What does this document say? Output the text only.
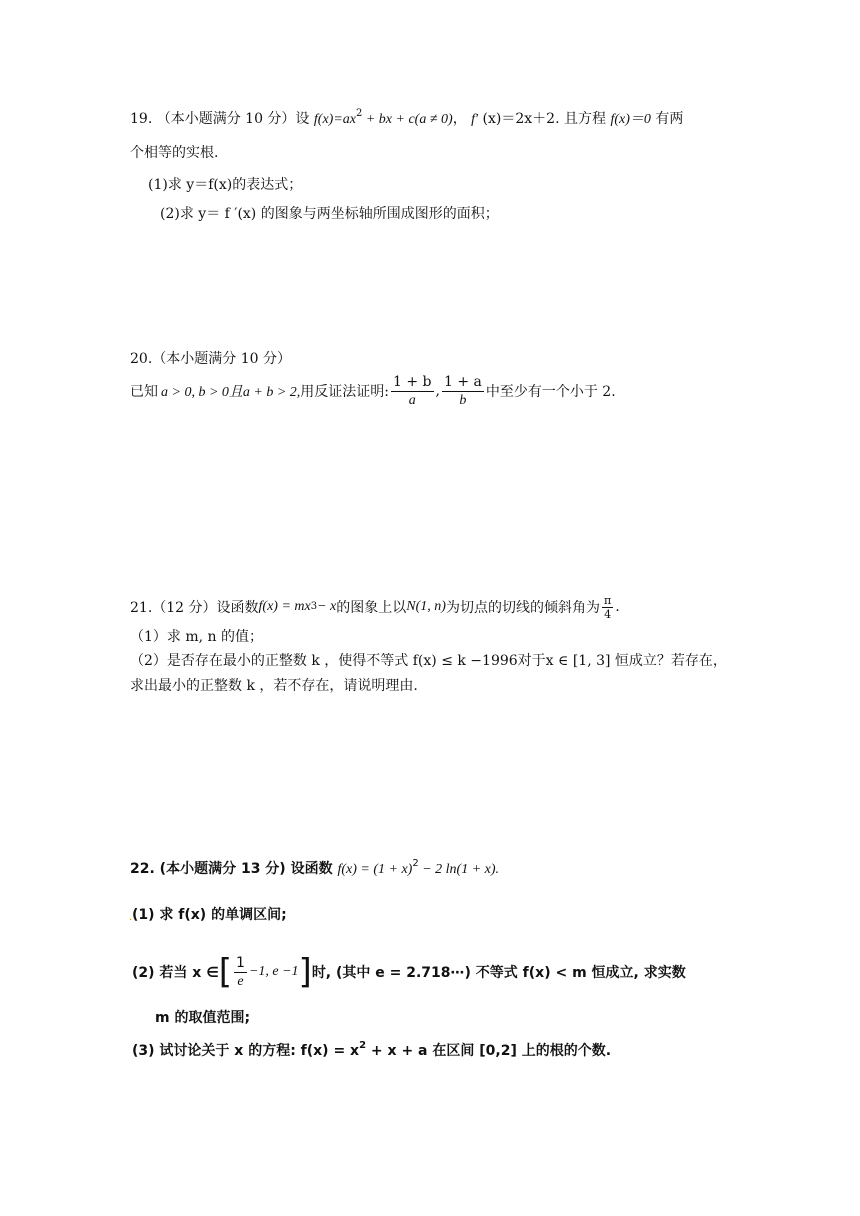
19. （本小题满分 10 分）设 $f(x)=ax^2$ + bx + c(a ≠ 0)， f′ (x)＝2x＋2. 且方程 f(x)＝0 有两
个相等的实根.
(1)求 y＝f(x)的表达式；
(2)求 y＝ f ′(x) 的图象与两坐标轴所围成图形的面积；
20.（本小题满分 10 分）
已知 a > 0, b > 0且a + b > 2, 用反证法证明: $\frac{1 + b}{a}$ , $\frac{1 + a}{b}$ 中至少有一个小于 2.
21.（12 分）设函数 f(x) = mx 3 − x 的图象上以 N(1, n) 为切点的切线的倾斜角为 $\frac{\pi}{4}$ .
（1）求 m, n 的值；
（2）是否存在最小的正整数 k ，使得不等式 f(x) ≤ k −1996对于x ∈ [1, 3] 恒成立？若存在，
求出最小的正整数 k ，若不存在，请说明理由.
22. (本小题满分 13 分) 设函数 $f(x) = (1 + x)^2 - 2$ ln(1 + x).
. (1) 求 f(x) 的单调区间;
(2) 若当 x ∈ [ $\frac{1}{e} -1$, e −1 ] 时, (其中 e = 2.718⋯) 不等式 f(x) < m 恒成立, 求实数
m 的取值范围;
(3) 试讨论关于 x 的方程: $f(x) = x^2 + x + a$ 在区间 [0,2] 上的根的个数.
